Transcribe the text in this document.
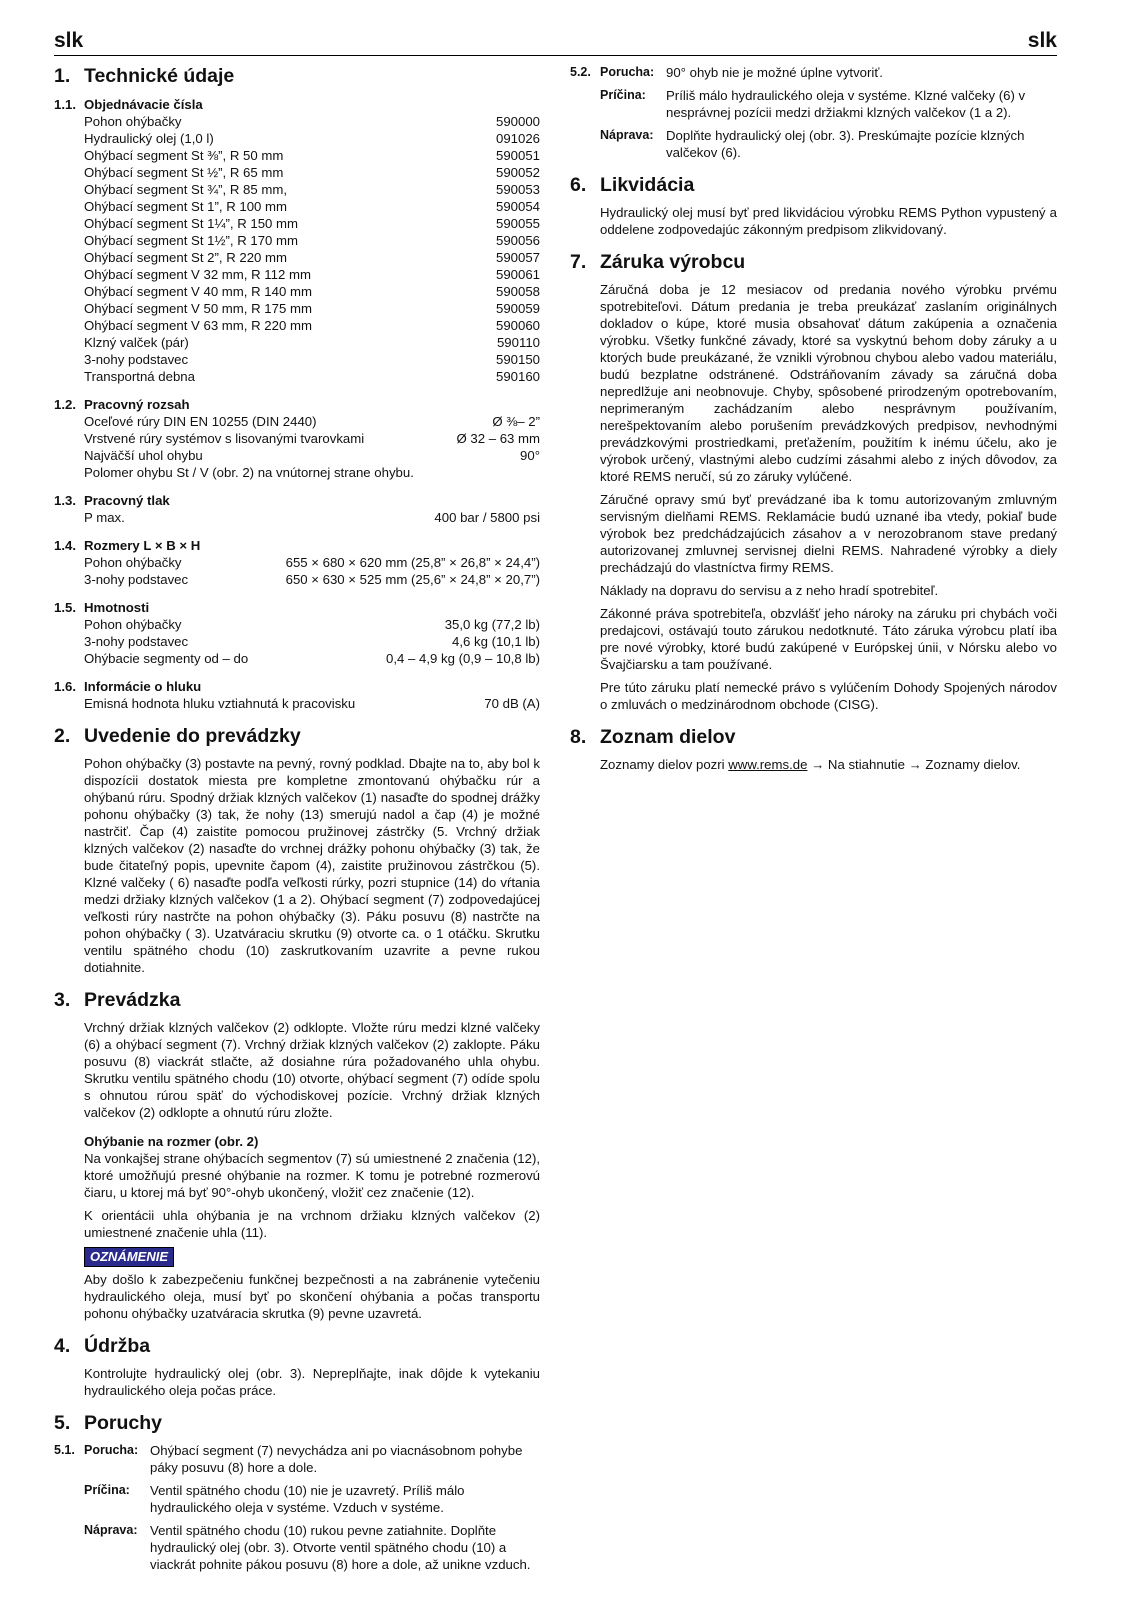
slk	slk
1. Technické údaje
1.1. Objednávacie čísla
Pohon ohýbačky	590000
Hydraulický olej (1,0 l)	091026
Ohýbací segment St ⅜”, R 50 mm	590051
Ohýbací segment St ½”, R 65 mm	590052
Ohýbací segment St ¾”, R 85 mm,	590053
Ohýbací segment St 1”, R 100 mm	590054
Ohýbací segment St 1¼”, R 150 mm	590055
Ohýbací segment St 1½”, R 170 mm	590056
Ohýbací segment St 2”, R 220 mm	590057
Ohýbací segment V 32 mm, R 112 mm	590061
Ohýbací segment V 40 mm, R 140 mm	590058
Ohýbací segment V 50 mm, R 175 mm	590059
Ohýbací segment V 63 mm, R 220 mm	590060
Klzný valček (pár)	590110
3-nohy podstavec	590150
Transportná debna	590160
1.2. Pracovný rozsah
Oceľové rúry DIN EN 10255 (DIN 2440)	Ø ⅜– 2”
Vrstvené rúry systémov s lisovanými tvarovkami	Ø 32 – 63 mm
Najväčší uhol ohybu	90°
Polomer ohybu St / V (obr. 2) na vnútornej strane ohybu.
1.3. Pracovný tlak
P max.	400 bar / 5800 psi
1.4. Rozmery L × B × H
Pohon ohýbačky	655 × 680 × 620 mm (25,8” × 26,8” × 24,4”)
3-nohy podstavec	650 × 630 × 525 mm (25,6” × 24,8” × 20,7”)
1.5. Hmotnosti
Pohon ohýbačky	35,0 kg (77,2 lb)
3-nohy podstavec	4,6 kg (10,1 lb)
Ohýbacie segmenty od – do	0,4 – 4,9 kg (0,9 – 10,8 lb)
1.6. Informácie o hluku
Emisná hodnota hluku vztiahnutá k pracovisku	70 dB (A)
2. Uvedenie do prevádzky
Pohon ohýbačky (3) postavte na pevný, rovný podklad. Dbajte na to, aby bol k dispozícii dostatok miesta pre kompletne zmontovanú ohýbačku rúr a ohýbanú rúru. Spodný držiak klzných valčekov (1) nasaďte do spodnej drážky pohonu ohýbačky (3) tak, že nohy (13) smerujú nadol a čap (4) je možné nastrčiť. Čap (4) zaistite pomocou pružinovej zástrčky (5. Vrchný držiak klzných valčekov (2) nasaďte do vrchnej drážky pohonu ohýbačky (3) tak, že bude čitateľný popis, upevnite čapom (4), zaistite pružinovou zástrčkou (5). Klzné valčeky ( 6) nasaďte podľa veľkosti rúrky, pozri stupnice (14) do vŕtania medzi držiaky klzných valčekov (1 a 2). Ohýbací segment (7) zodpovedajúcej veľkosti rúry nastrčte na pohon ohýbačky (3). Páku posuvu (8) nastrčte na pohon ohýbačky ( 3). Uzatváraciu skrutku (9) otvorte ca. o 1 otáčku. Skrutku ventilu spätného chodu (10) zaskrutkovaním uzavrite a pevne rukou dotiahnite.
3. Prevádzka
Vrchný držiak klzných valčekov (2) odklopte. Vložte rúru medzi klzné valčeky (6) a ohýbací segment (7). Vrchný držiak klzných valčekov (2) zaklopte. Páku posuvu (8) viackrát stlačte, až dosiahne rúra požadovaného uhla ohybu. Skrutku ventilu spätného chodu (10) otvorte, ohýbací segment (7) odíde spolu s ohnutou rúrou späť do východiskovej pozície. Vrchný držiak klzných valčekov (2) odklopte a ohnutú rúru zložte.
Ohýbanie na rozmer (obr. 2)
Na vonkajšej strane ohýbacích segmentov (7) sú umiestnené 2 značenia (12), ktoré umožňujú presné ohýbanie na rozmer. K tomu je potrebné rozmerovú čiaru, u ktorej má byť 90°-ohyb ukončený, vložiť cez značenie (12).
K orientácii uhla ohýbania je na vrchnom držiaku klzných valčekov (2) umiestnené značenie uhla (11).
OZNÁMENIE
Aby došlo k zabezpečeniu funkčnej bezpečnosti a na zabránenie vytečeniu hydraulického oleja, musí byť po skončení ohýbania a počas transportu pohonu ohýbačky uzatváracia skrutka (9) pevne uzavretá.
4. Údržba
Kontrolujte hydraulický olej (obr. 3). Nepreplňajte, inak dôjde k vytekaniu hydraulického oleja počas práce.
5. Poruchy
5.1. Porucha: Ohýbací segment (7) nevychádza ani po viacnásobnom pohybe páky posuvu (8) hore a dole.
Príčina:	Ventil spätného chodu (10) nie je uzavretý. Príliš málo hydraulického oleja v systéme. Vzduch v systéme.
Náprava: Ventil spätného chodu (10) rukou pevne zatiahnite. Doplňte hydraulický olej (obr. 3). Otvorte ventil spätného chodu (10) a viackrát pohnite pákou posuvu (8) hore a dole, až unikne vzduch.
5.2. Porucha: 90° ohyb nie je možné úplne vytvoriť.
Príčina:	Príliš málo hydraulického oleja v systéme. Klzné valčeky (6) v nesprávnej pozícii medzi držiakmi klzných valčekov (1 a 2).
Náprava: Doplňte hydraulický olej (obr. 3). Preskúmajte pozície klzných valčekov (6).
6. Likvidácia
Hydraulický olej musí byť pred likvidáciou výrobku REMS Python vypustený a oddelene zodpovedajúc zákonným predpisom zlikvidovaný.
7. Záruka výrobcu
Záručná doba je 12 mesiacov od predania nového výrobku prvému spotrebiteľovi. Dátum predania je treba preukázať zaslaním originálnych dokladov o kúpe, ktoré musia obsahovať dátum zakúpenia a označenia výrobku. Všetky funkčné závady, ktoré sa vyskytnú behom doby záruky a u ktorých bude preukázané, že vznikli výrobnou chybou alebo vadou materiálu, budú bezplatne odstránené. Odstráňovaním závady sa záručná doba nepredlžuje ani neobnovuje. Chyby, spôsobené prirodzeným opotrebovaním, neprimeraným zachádzaním alebo nesprávnym používaním, nerešpektovaním alebo porušením prevádzkových predpisov, nevhodnými prevádzkovými prostriedkami, preťažením, použitím k inému účelu, ako je výrobok určený, vlastnými alebo cudzími zásahmi alebo z iných dôvodov, za ktoré REMS neručí, sú zo záruky vylúčené.
Záručné opravy smú byť prevádzané iba k tomu autorizovaným zmluvným servisným dielňami REMS. Reklamácie budú uznané iba vtedy, pokiaľ bude výrobok bez predchádzajúcich zásahov a v nerozobranom stave predaný autorizovanej zmluvnej servisnej dielni REMS. Nahradené výrobky a diely prechádzajú do vlastníctva firmy REMS.
Náklady na dopravu do servisu a z neho hradí spotrebiteľ.
Zákonné práva spotrebiteľa, obzvlášť jeho nároky na záruku pri chybách voči predajcovi, ostávajú touto zárukou nedotknuté. Táto záruka výrobcu platí iba pre nové výrobky, ktoré budú zakúpené v Európskej únii, v Nórsku alebo vo Švajčiarsku a tam používané.
Pre túto záruku platí nemecké právo s vylúčením Dohody Spojených národov o zmluvách o medzinárodnom obchode (CISG).
8. Zoznam dielov
Zoznamy dielov pozri www.rems.de → Na stiahnutie → Zoznamy dielov.
